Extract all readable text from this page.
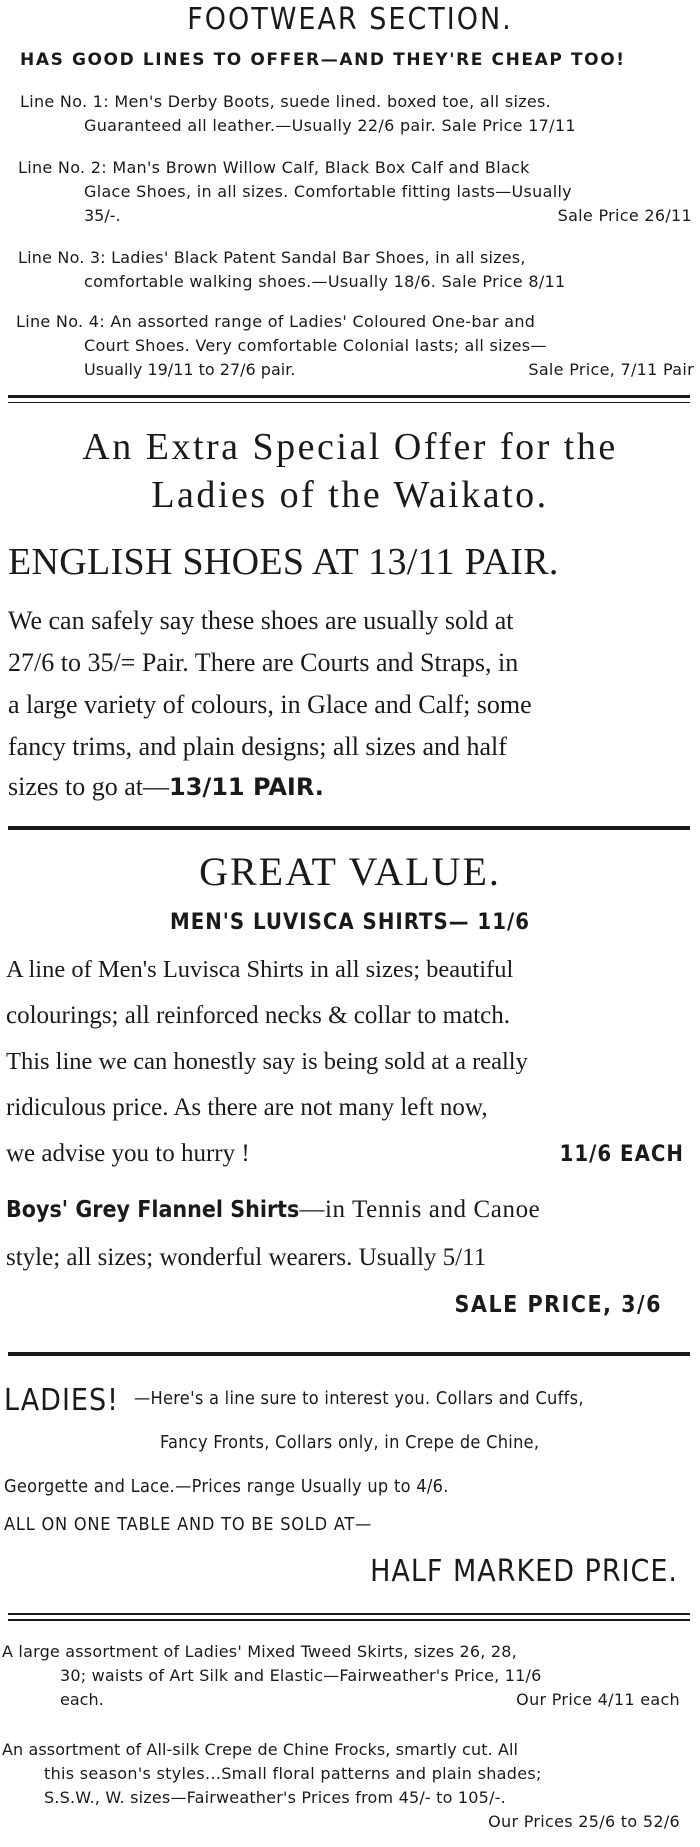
FOOTWEAR SECTION.
HAS GOOD LINES TO OFFER—AND THEY'RE CHEAP TOO!
Line No. 1: Men's Derby Boots, suede lined. boxed toe, all sizes.
Guaranteed all leather.—Usually 22/6 pair. Sale Price 17/11
Line No. 2: Man's Brown Willow Calf, Black Box Calf and Black
Glace Shoes, in all sizes. Comfortable fitting lasts—Usually
35/-.	Sale Price 26/11
Line No. 3: Ladies' Black Patent Sandal Bar Shoes, in all sizes,
comfortable walking shoes.—Usually 18/6. Sale Price 8/11
Line No. 4: An assorted range of Ladies' Coloured One-bar and
Court Shoes. Very comfortable Colonial lasts; all sizes—
Usually 19/11 to 27/6 pair.	Sale Price, 7/11 Pair
An Extra Special Offer for the
Ladies of the Waikato.
ENGLISH SHOES AT 13/11 PAIR.
We can safely say these shoes are usually sold at
27/6 to 35/= Pair. There are Courts and Straps, in
a large variety of colours, in Glace and Calf; some
fancy trims, and plain designs; all sizes and half
sizes to go at—13/11 PAIR.
GREAT VALUE.
MEN'S LUVISCA SHIRTS— 11/6
A line of Men's Luvisca Shirts in all sizes; beautiful
colourings; all reinforced necks & collar to match.
This line we can honestly say is being sold at a really
ridiculous price. As there are not many left now,
we advise you to hurry !	11/6 EACH
Boys' Grey Flannel Shirts—in Tennis and Canoe
style; all sizes; wonderful wearers. Usually 5/11
SALE PRICE, 3/6
LADIES! —Here's a line sure to interest you. Collars and Cuffs,
Fancy Fronts, Collars only, in Crepe de Chine,
Georgette and Lace.—Prices range Usually up to 4/6.
ALL ON ONE TABLE AND TO BE SOLD AT—
HALF MARKED PRICE.
A large assortment of Ladies' Mixed Tweed Skirts, sizes 26, 28,
30; waists of Art Silk and Elastic—Fairweather's Price, 11/6
each.	Our Price 4/11 each
An assortment of All-silk Crepe de Chine Frocks, smartly cut. All
this season's styles...Small floral patterns and plain shades;
S.S.W., W. sizes—Fairweather's Prices from 45/- to 105/-.
Our Prices 25/6 to 52/6
